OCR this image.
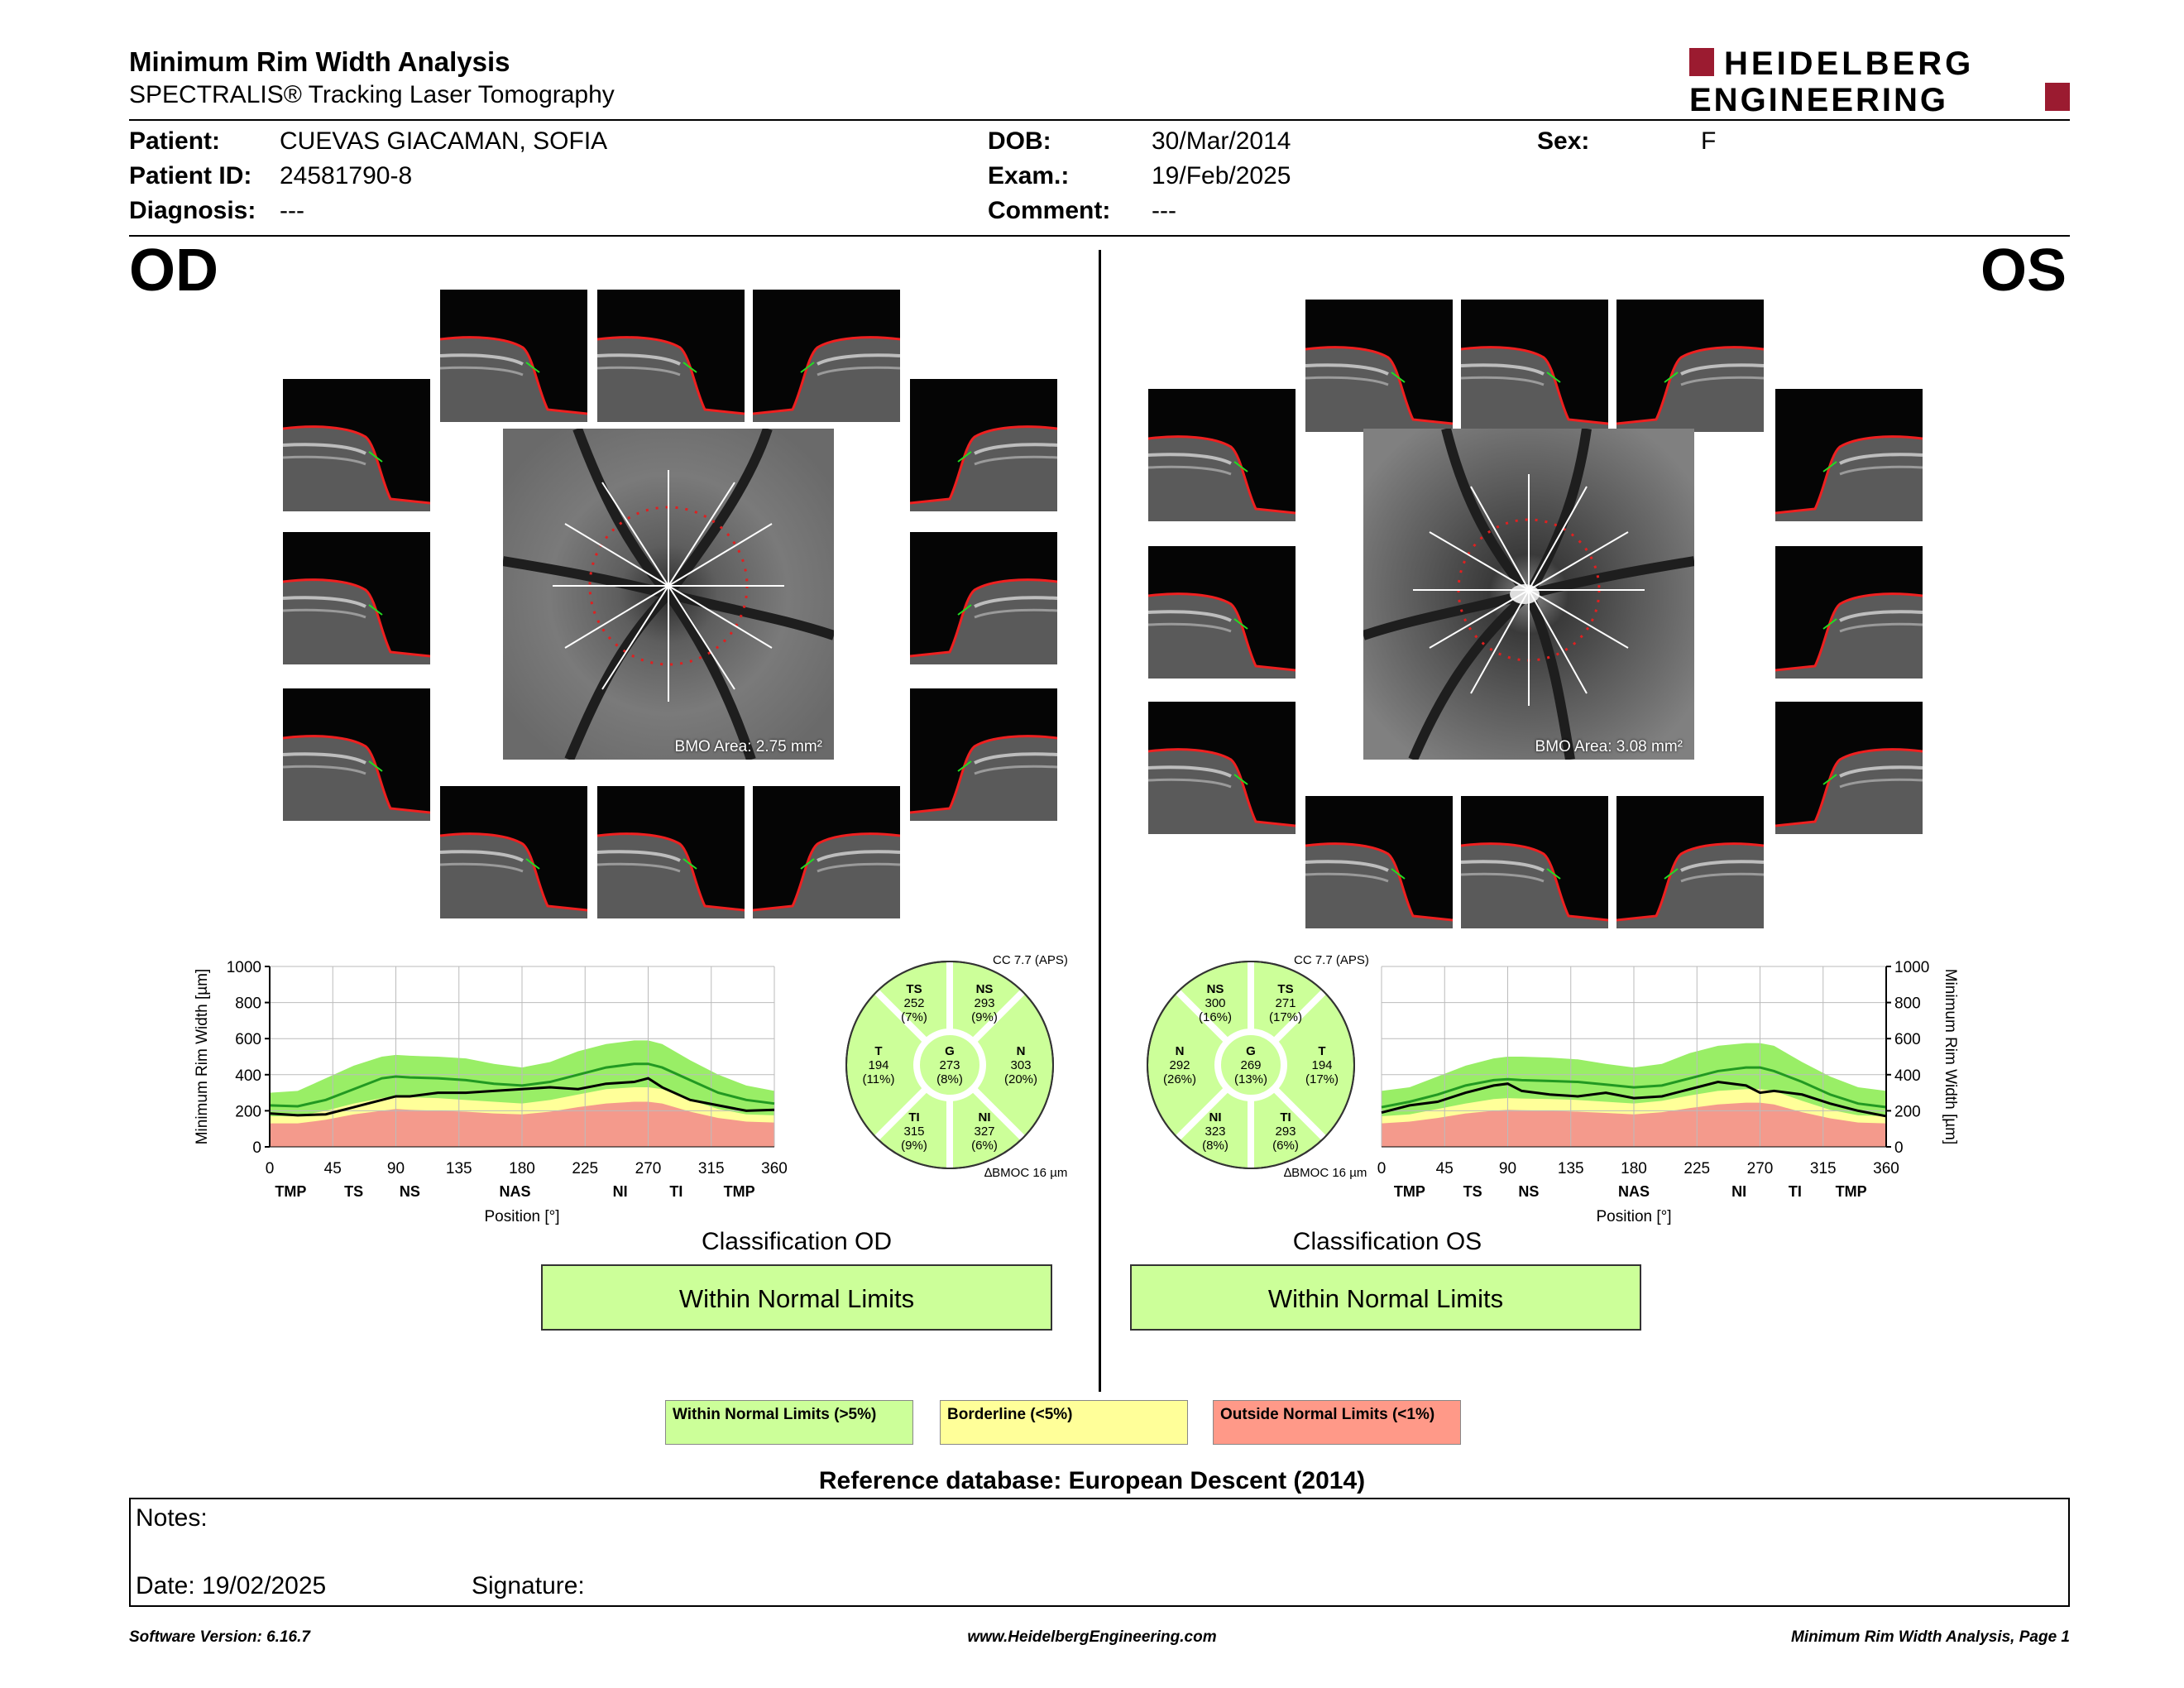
Minimum Rim Width Analysis
SPECTRALIS® Tracking Laser Tomography
HEIDELBERG
ENGINEERING
Patient: CUEVAS GIACAMAN, SOFIA
Patient ID: 24581790-8
Diagnosis: ---
DOB:	30/Mar/2014
Exam.:	19/Feb/2025
Comment: ---
Sex:	F
OD	OS
BMO Area: 2.75 mm²	BMO Area: 3.08 mm²
0
200
400
600
800
1000
0	45	90	135 180 225 270 315 360
TMP	TS NS	NAS	NI	TI	TMP
Position [°]
Minimum Rim Width [µm]
0
200
400
600
800
1000
0	45	90	135 180 225 270 315 360
TMP	TS NS	NAS	NI	TI TMP
Position [°]
Minimum Rim Width [µm]
CC 7.7 (APS)
∆BMOC 16 µm
TS
252
(7%)
NS
293
(9%)
T
194
(11%)
G
273
(8%)
N
303
(20%)
TI
315
(9%)
NI
327
(6%)
CC 7.7 (APS)
∆BMOC 16 µm
NS
300
(16%)
TS
271
(17%)
N
292
(26%)
G
269
(13%)
T
194
(17%)
NI
323
(8%)
TI
293
(6%)
Classification OD
Within Normal Limits
Classification OS
Within Normal Limits
Within Normal Limits (>5%)	Borderline (<5%)	Outside Normal Limits (<1%)
Reference database: European Descent (2014)
Notes:
Date: 19/02/2025	Signature:
Software Version: 6.16.7	www.HeidelbergEngineering.com	Minimum Rim Width Analysis, Page 1
